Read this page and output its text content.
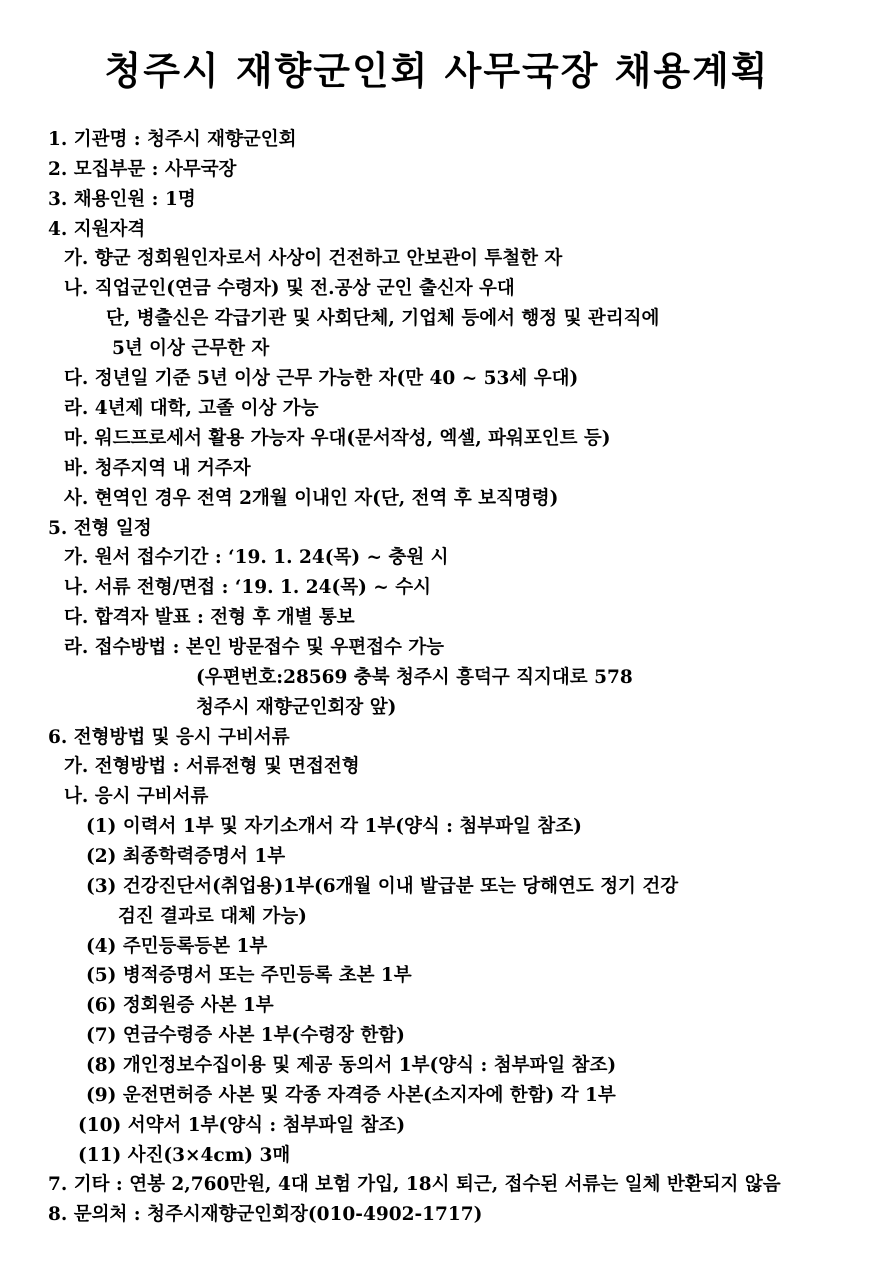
청주시 재향군인회 사무국장 채용계획
1. 기관명 : 청주시 재향군인회
2. 모집부문 : 사무국장
3. 채용인원 : 1명
4. 지원자격
가. 향군 정회원인자로서 사상이 건전하고 안보관이 투철한 자
나. 직업군인(연금 수령자) 및 전․공상 군인 출신자 우대
단, 병출신은 각급기관 및 사회단체, 기업체 등에서 행정 및 관리직에
5년 이상 근무한 자
다. 정년일 기준 5년 이상 근무 가능한 자(만 40 ~ 53세 우대)
라. 4년제 대학, 고졸 이상 가능
마. 워드프로세서 활용 가능자 우대(문서작성, 엑셀, 파워포인트 등)
바. 청주지역 내 거주자
사. 현역인 경우 전역 2개월 이내인 자(단, 전역 후 보직명령)
5. 전형 일정
가. 원서 접수기간 : ‘19. 1. 24(목) ~ 충원 시
나. 서류 전형/면접 : ‘19. 1. 24(목) ~ 수시
다. 합격자 발표 : 전형 후 개별 통보
라. 접수방법 : 본인 방문접수 및 우편접수 가능
(우편번호:28569 충북 청주시 흥덕구 직지대로 578
청주시 재향군인회장 앞)
6. 전형방법 및 응시 구비서류
가. 전형방법 : 서류전형 및 면접전형
나. 응시 구비서류
(1) 이력서 1부 및 자기소개서 각 1부(양식 : 첨부파일 참조)
(2) 최종학력증명서 1부
(3) 건강진단서(취업용)1부(6개월 이내 발급분 또는 당해연도 정기 건강
검진 결과로 대체 가능)
(4) 주민등록등본 1부
(5) 병적증명서 또는 주민등록 초본 1부
(6) 정회원증 사본 1부
(7) 연금수령증 사본 1부(수령장 한함)
(8) 개인정보수집이용 및 제공 동의서 1부(양식 : 첨부파일 참조)
(9) 운전면허증 사본 및 각종 자격증 사본(소지자에 한함) 각 1부
(10) 서약서 1부(양식 : 첨부파일 참조)
(11) 사진(3×4cm) 3매
7. 기타 : 연봉 2,760만원, 4대 보험 가입, 18시 퇴근, 접수된 서류는 일체 반환되지 않음
8. 문의처 : 청주시재향군인회장(010-4902-1717)
